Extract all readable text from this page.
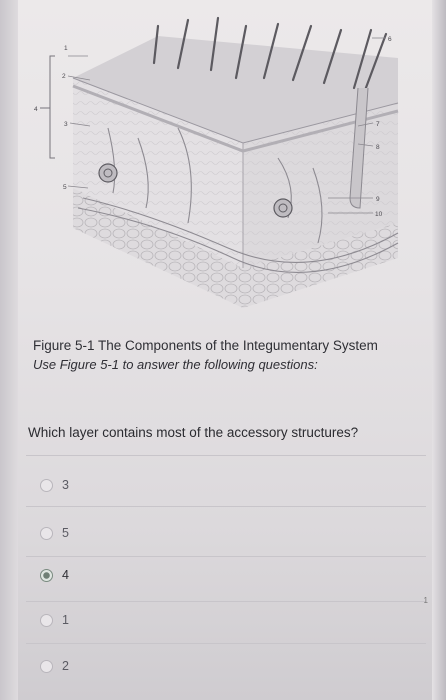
1
2
3
4
5
6
7
8
9
10
Figure 5-1 The Components of the Integumentary System
Use Figure 5-1 to answer the following questions:
Which layer contains most of the accessory structures?
3
5
4
1
2
1
